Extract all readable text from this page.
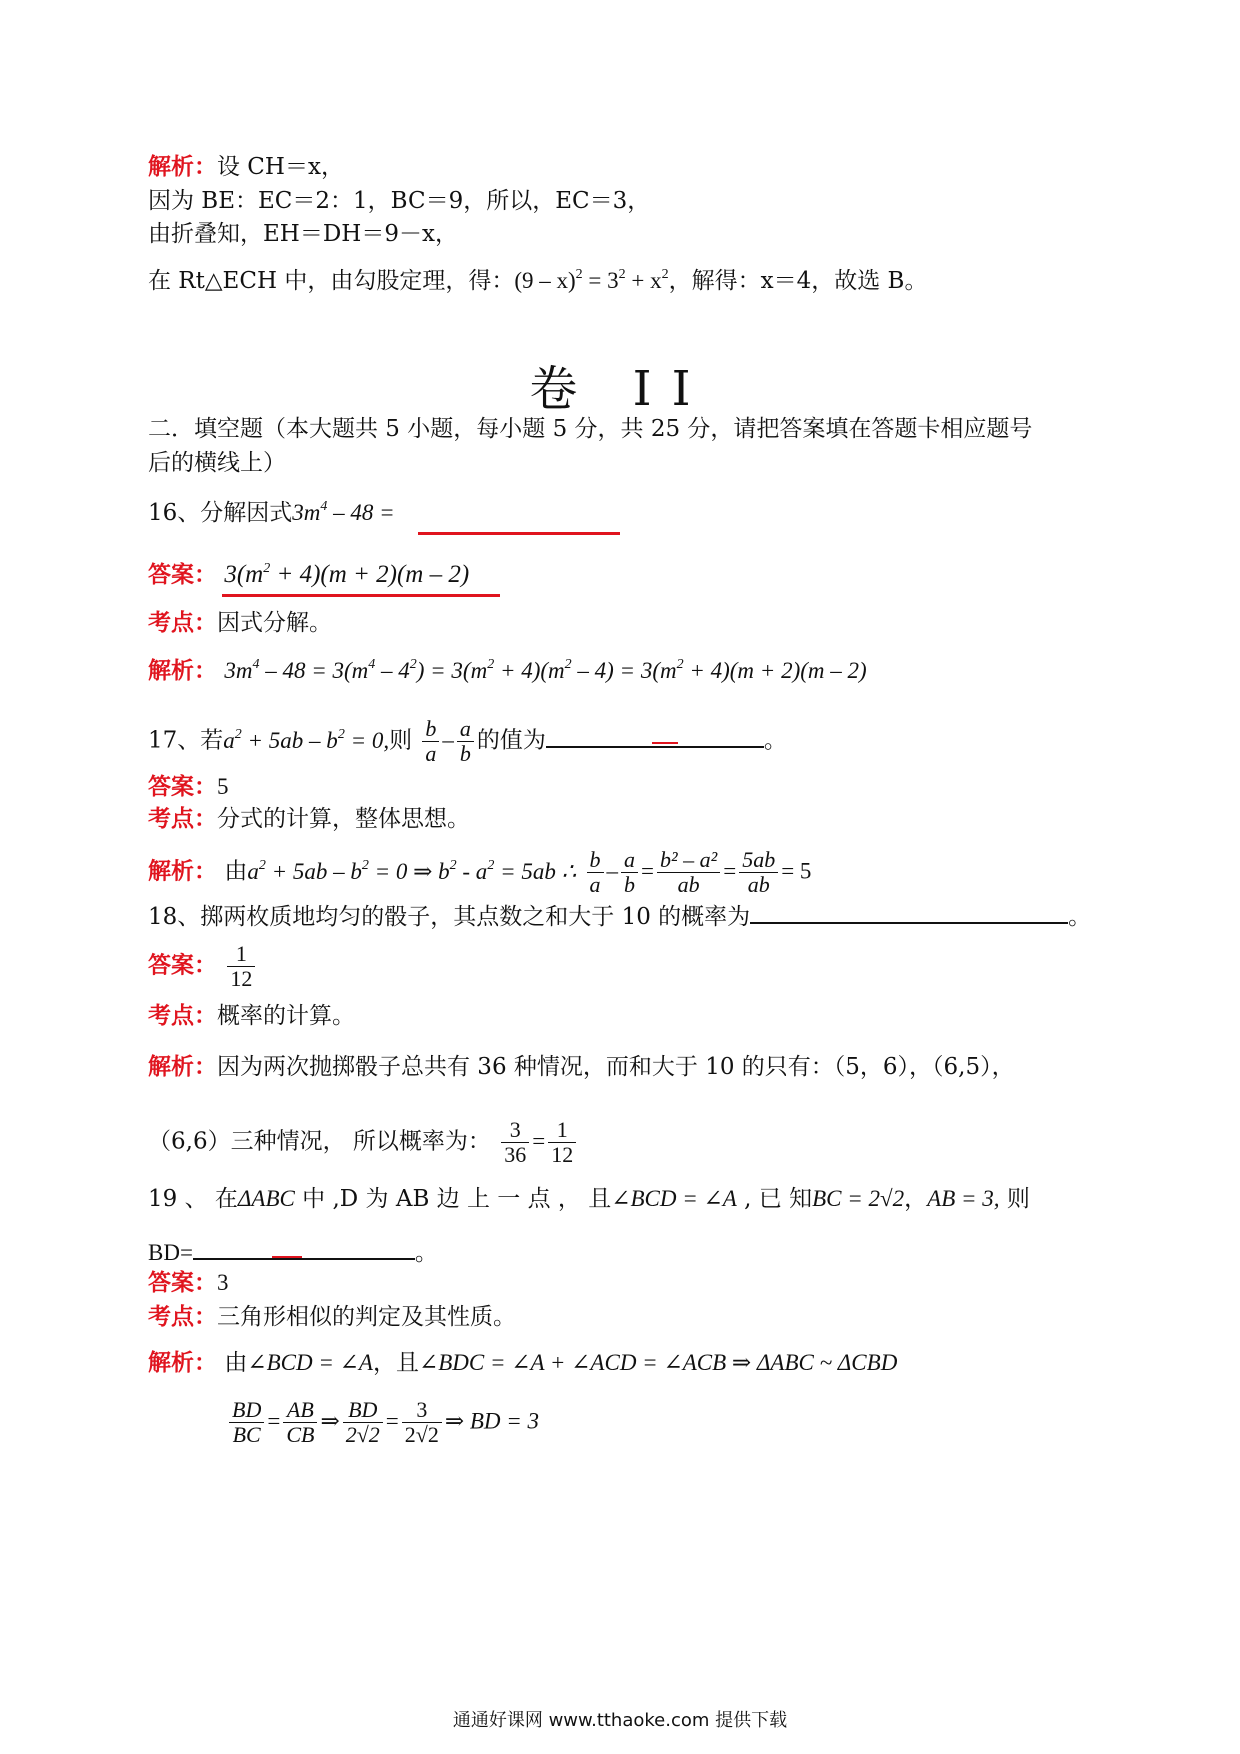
解析：设 CH＝x，
因为 BE：EC＝2：1，BC＝9，所以，EC＝3，
由折叠知，EH＝DH＝9－x，
在 Rt△ECH 中，由勾股定理，得：$(9 - x)^2 = 3^2 + x^2$，解得：x＝4，故选 B。
卷 II
二．填空题（本大题共 5 小题，每小题 5 分，共 25 分，请把答案填在答题卡相应题号
后的横线上）
16、分解因式$3m^4 - 48$ =
答案： $3(m^2 + 4)(m + 2)(m - 2)$
考点：因式分解。
解析： $3m^4 - 48 = 3(m^4 - 4^2) = 3(m^2 + 4)(m^2 - 4) = 3(m^2 + 4)(m + 2)(m - 2)$
17、若$a^2 + 5ab - b^2 = 0$,则 $\frac{b}{a} - \frac{a}{b}$ 的值为	。
答案：5
考点：分式的计算，整体思想。
解析： 由$a^2 + 5ab - b^2 = 0$ ⇒ $b^2 - a^2 = 5ab$ ∴ $\frac{b}{a} - \frac{a}{b} = \frac{\text{b² – a²}}{ab} = \frac{5ab}{ab} = 5$
18、掷两枚质地均匀的骰子，其点数之和大于 10 的概率为	。
答案： $\frac{1}{12}$
考点：概率的计算。
解析：因为两次抛掷骰子总共有 36 种情况，而和大于 10 的只有：（5，6），（6,5），
（6,6）三种情况， 所以概率为： $\frac{3}{36} = \frac{1}{12}$
19 、 在ΔABC 中 ,D 为 AB 边 上 一 点 ， 且∠BCD = ∠A , 已 知BC = 2√2，AB = 3, 则
BD=	。
答案：3
考点：三角形相似的判定及其性质。
解析： 由∠BCD = ∠A，且∠BDC = ∠A + ∠ACD = ∠ACB ⇒ ΔABC ~ ΔCBD
$\frac{BD}{BC} = \frac{AB}{CB}$ ⇒ $\frac{BD}{2√2} = \frac{3}{2√2}$ ⇒ BD = 3
通通好课网 www.tthaoke.com 提供下载
